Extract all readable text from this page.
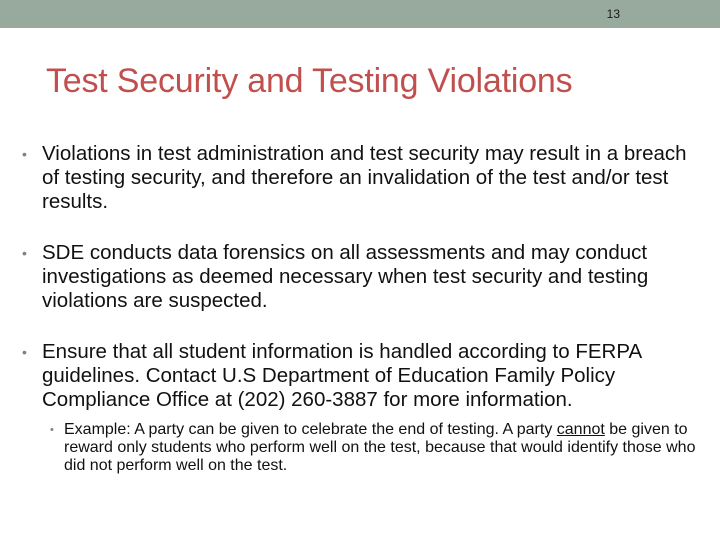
13
Test Security and Testing Violations
• Violations in test administration and test security may result in a breach of testing security, and therefore an invalidation of the test and/or test results.
• SDE conducts data forensics on all assessments and may conduct investigations as deemed necessary when test security and testing violations are suspected.
• Ensure that all student information is handled according to FERPA guidelines. Contact U.S Department of Education Family Policy Compliance Office at (202) 260-3887 for more information.
• Example: A party can be given to celebrate the end of testing. A party cannot be given to reward only students who perform well on the test, because that would identify those who did not perform well on the test.
